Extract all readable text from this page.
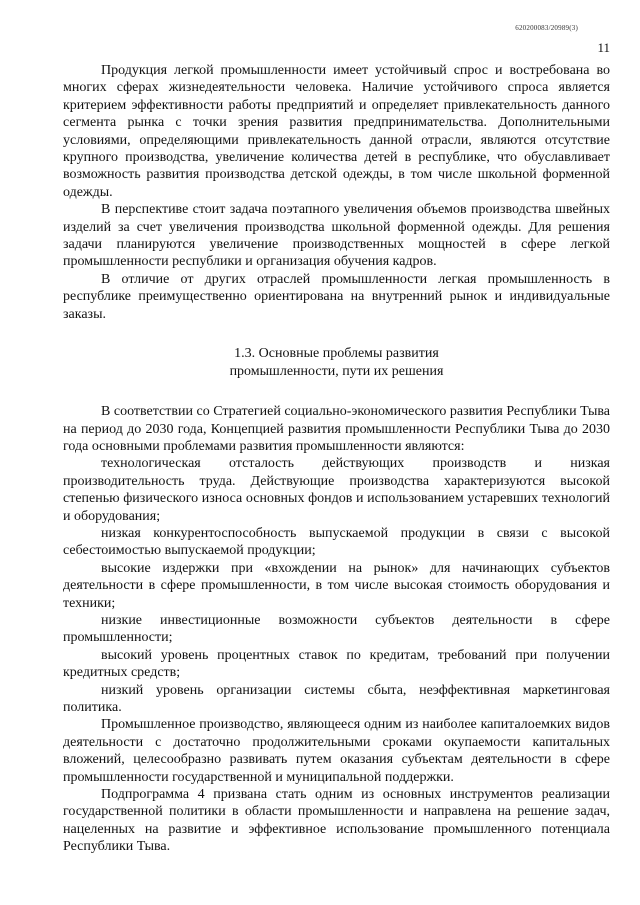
620200083/20989(3)
11

Продукция легкой промышленности имеет устойчивый спрос и востребована во многих сферах жизнедеятельности человека. Наличие устойчивого спроса является критерием эффективности работы предприятий и определяет привлекательность данного сегмента рынка с точки зрения развития предпринимательства. Дополнительными условиями, определяющими привлекательность данной отрасли, являются отсутствие крупного производства, увеличение количества детей в республике, что обуславливает возможность развития производства детской одежды, в том числе школьной форменной одежды.

В перспективе стоит задача поэтапного увеличения объемов производства швейных изделий за счет увеличения производства школьной форменной одежды. Для решения задачи планируются увеличение производственных мощностей в сфере легкой промышленности республики и организация обучения кадров.

В отличие от других отраслей промышленности легкая промышленность в республике преимущественно ориентирована на внутренний рынок и индивидуальные заказы.

1.3. Основные проблемы развития
промышленности, пути их решения

В соответствии со Стратегией социально-экономического развития Республики Тыва на период до 2030 года, Концепцией развития промышленности Республики Тыва до 2030 года основными проблемами развития промышленности являются:

технологическая отсталость действующих производств и низкая производительность труда. Действующие производства характеризуются высокой степенью физического износа основных фондов и использованием устаревших технологий и оборудования;

низкая конкурентоспособность выпускаемой продукции в связи с высокой себестоимостью выпускаемой продукции;

высокие издержки при «вхождении на рынок» для начинающих субъектов деятельности в сфере промышленности, в том числе высокая стоимость оборудования и техники;

низкие инвестиционные возможности субъектов деятельности в сфере промышленности;

высокий уровень процентных ставок по кредитам, требований при получении кредитных средств;

низкий уровень организации системы сбыта, неэффективная маркетинговая политика.

Промышленное производство, являющееся одним из наиболее капиталоемких видов деятельности с достаточно продолжительными сроками окупаемости капитальных вложений, целесообразно развивать путем оказания субъектам деятельности в сфере промышленности государственной и муниципальной поддержки.

Подпрограмма 4 призвана стать одним из основных инструментов реализации государственной политики в области промышленности и направлена на решение задач, нацеленных на развитие и эффективное использование промышленного потенциала Республики Тыва.
